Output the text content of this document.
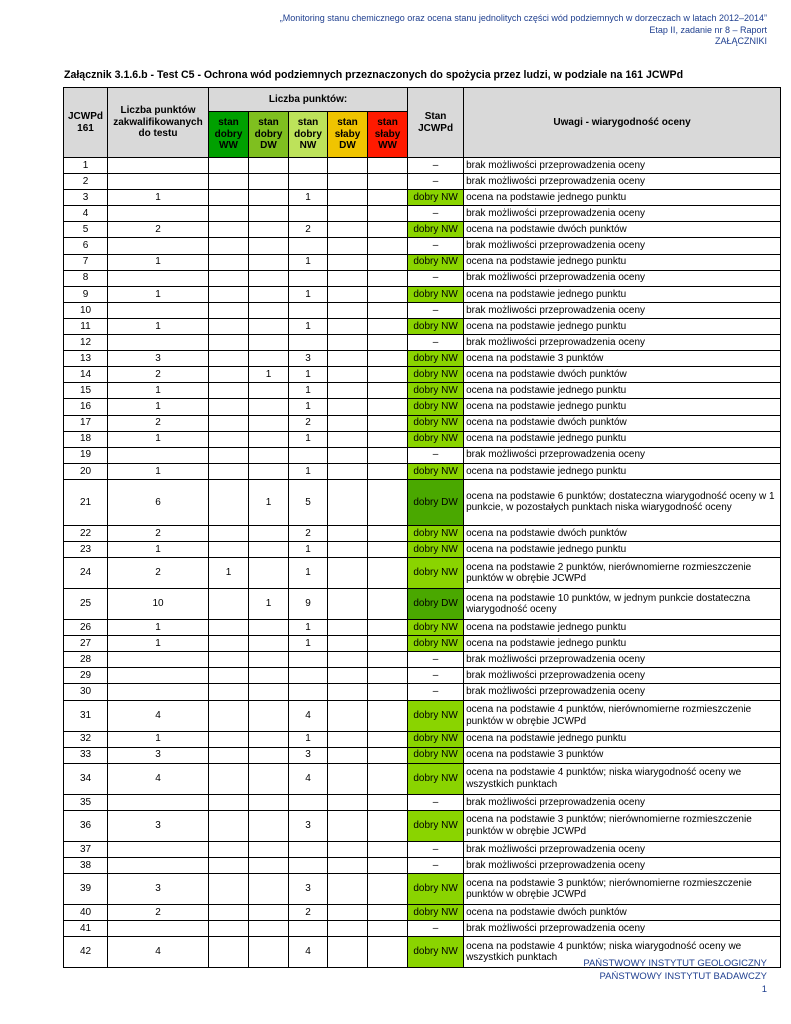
„Monitoring stanu chemicznego oraz ocena stanu jednolitych części wód podziemnych w dorzeczach w latach 2012–2014”
Etap II, zadanie nr 8 – Raport
ZAŁĄCZNIKI
Załącznik 3.1.6.b - Test C5 - Ochrona wód podziemnych przeznaczonych do spożycia przez ludzi, w podziale na 161 JCWPd
JCWPd 161	Liczba punktów zakwalifikowanych do testu	Liczba punktów:					Stan JCWPd	Uwagi - wiarygodność oceny
		stan dobry WW	stan dobry DW	stan dobry NW	stan słaby DW	stan słaby WW		
1							–	brak możliwości przeprowadzenia oceny
2							–	brak możliwości przeprowadzenia oceny
3	1			1			dobry NW	ocena na podstawie jednego punktu
4							–	brak możliwości przeprowadzenia oceny
5	2			2			dobry NW	ocena na podstawie dwóch punktów
6							–	brak możliwości przeprowadzenia oceny
7	1			1			dobry NW	ocena na podstawie jednego punktu
8							–	brak możliwości przeprowadzenia oceny
9	1			1			dobry NW	ocena na podstawie jednego punktu
10							–	brak możliwości przeprowadzenia oceny
11	1			1			dobry NW	ocena na podstawie jednego punktu
12							–	brak możliwości przeprowadzenia oceny
13	3			3			dobry NW	ocena na podstawie 3 punktów
14	2		1	1			dobry NW	ocena na podstawie dwóch punktów
15	1			1			dobry NW	ocena na podstawie jednego punktu
16	1			1			dobry NW	ocena na podstawie jednego punktu
17	2			2			dobry NW	ocena na podstawie dwóch punktów
18	1			1			dobry NW	ocena na podstawie jednego punktu
19							–	brak możliwości przeprowadzenia oceny
20	1			1			dobry NW	ocena na podstawie jednego punktu
21	6		1	5			dobry DW	ocena na podstawie 6 punktów; dostateczna wiarygodność oceny w 1 punkcie, w pozostałych punktach niska wiarygodność oceny
22	2			2			dobry NW	ocena na podstawie dwóch punktów
23	1			1			dobry NW	ocena na podstawie jednego punktu
24	2	1		1			dobry NW	ocena na podstawie 2 punktów, nierównomierne rozmieszczenie punktów w obrębie JCWPd
25	10		1	9			dobry DW	ocena na podstawie 10 punktów, w jednym punkcie dostateczna wiarygodność oceny
26	1			1			dobry NW	ocena na podstawie jednego punktu
27	1			1			dobry NW	ocena na podstawie jednego punktu
28							–	brak możliwości przeprowadzenia oceny
29							–	brak możliwości przeprowadzenia oceny
30							–	brak możliwości przeprowadzenia oceny
31	4			4			dobry NW	ocena na podstawie 4 punktów, nierównomierne rozmieszczenie punktów w obrębie JCWPd
32	1			1			dobry NW	ocena na podstawie jednego punktu
33	3			3			dobry NW	ocena na podstawie 3 punktów
34	4			4			dobry NW	ocena na podstawie 4 punktów; niska wiarygodność oceny we wszystkich punktach
35							–	brak możliwości przeprowadzenia oceny
36	3			3			dobry NW	ocena na podstawie 3 punktów; nierównomierne rozmieszczenie punktów w obrębie JCWPd
37							–	brak możliwości przeprowadzenia oceny
38							–	brak możliwości przeprowadzenia oceny
39	3			3			dobry NW	ocena na podstawie 3 punktów; nierównomierne rozmieszczenie punktów w obrębie JCWPd
40	2			2			dobry NW	ocena na podstawie dwóch punktów
41							–	brak możliwości przeprowadzenia oceny
42	4			4			dobry NW	ocena na podstawie 4 punktów; niska wiarygodność oceny we wszystkich punktach
PAŃSTWOWY INSTYTUT GEOLOGICZNY
PAŃSTWOWY INSTYTUT BADAWCZY
1
